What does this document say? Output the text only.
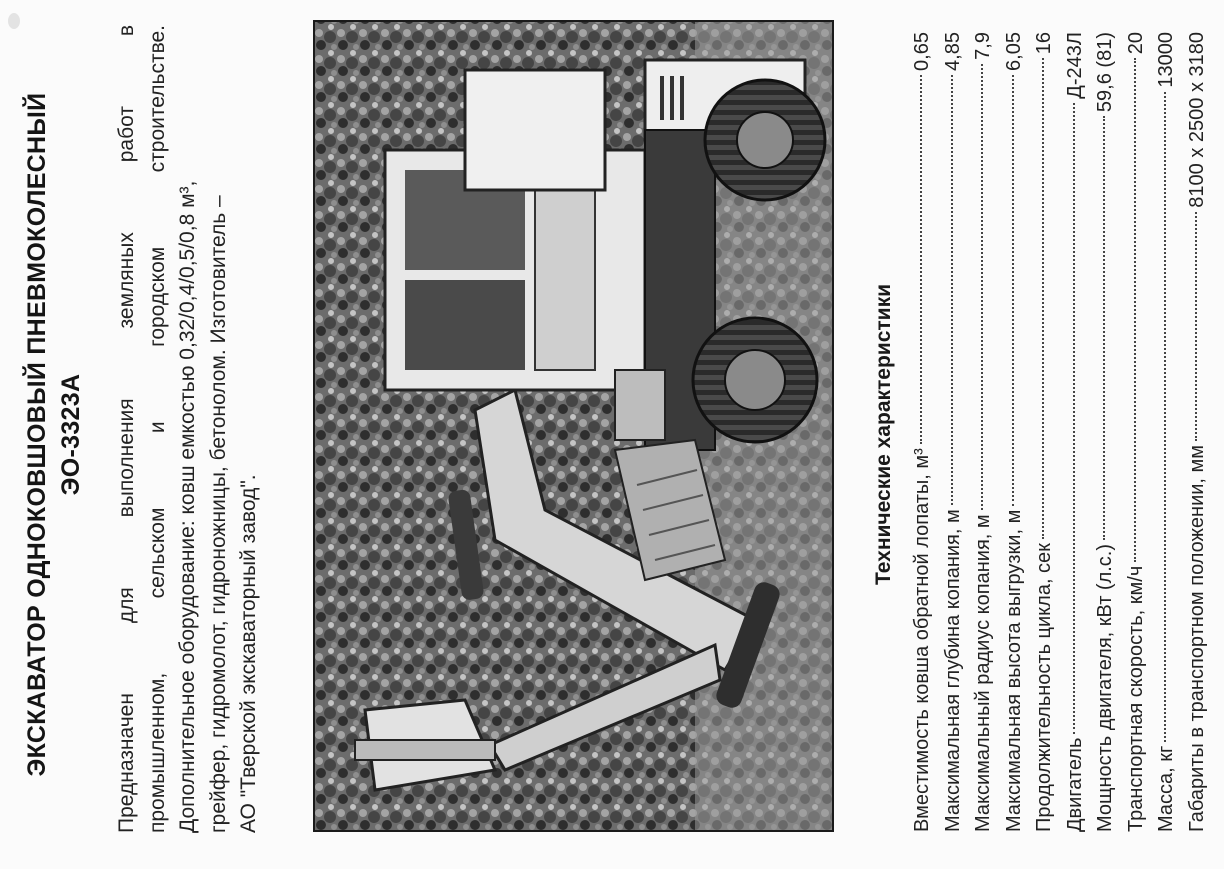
ЭКСКАВАТОР ОДНОКОВШОВЫЙ ПНЕВМОКОЛЕСНЫЙ ЭО-3323А Предназначен для выполнения земляных работ в промышленном, сельском и городском строительстве. Дополнительное оборудование: ковш емкостью 0,32/0,4/0,5/0,8 м³, грейфер, гидромолот, гидроножницы, бетонолом. Изготовитель – АО "Тверской экскаваторный завод".
Технические характеристики
Вместимость ковша обратной лопаты, м³
0,65
Максимальная глубина копания, м
4,85
Максимальный радиус копания, м
7,9
Максимальная высота выгрузки, м
6,05
Продолжительность цикла, сек
16
Двигатель
Д-243Л
Мощность двигателя, кВт (л.с.)
59,6 (81)
Транспортная скорость, км/ч
20
Масса, кг
13000
Габариты в транспортном положении, мм
8100 x 2500 x 3180
